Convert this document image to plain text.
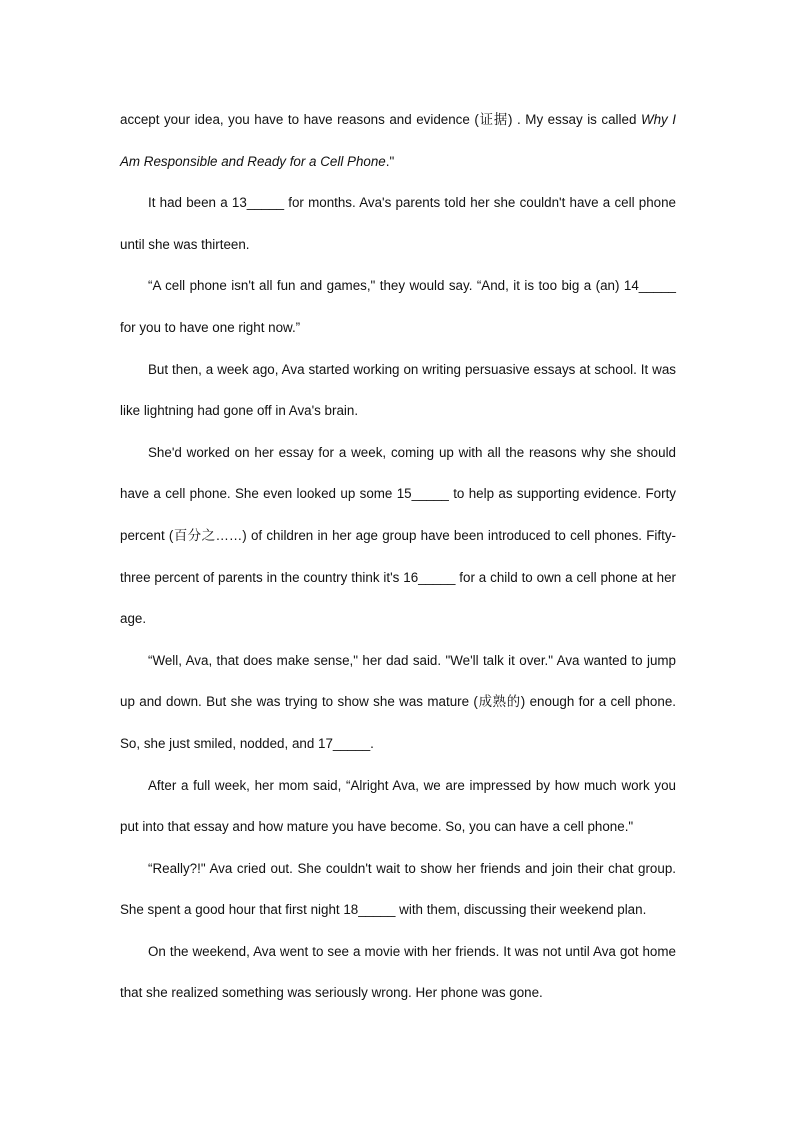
accept your idea, you have to have reasons and evidence (证据) . My essay is called Why I Am Responsible and Ready for a Cell Phone."

It had been a 13_____ for months. Ava's parents told her she couldn't have a cell phone until she was thirteen.

“A cell phone isn't all fun and games," they would say. “And, it is too big a (an) 14_____ for you to have one right now.”

But then, a week ago, Ava started working on writing persuasive essays at school. It was like lightning had gone off in Ava's brain.

She'd worked on her essay for a week, coming up with all the reasons why she should have a cell phone. She even looked up some 15_____ to help as supporting evidence. Forty percent (百分之……) of children in her age group have been introduced to cell phones. Fifty-three percent of parents in the country think it's 16_____ for a child to own a cell phone at her age.

“Well, Ava, that does make sense," her dad said. "We'll talk it over." Ava wanted to jump up and down. But she was trying to show she was mature (成熟的) enough for a cell phone. So, she just smiled, nodded, and 17_____.

After a full week, her mom said, “Alright Ava, we are impressed by how much work you put into that essay and how mature you have become. So, you can have a cell phone."

“Really?!" Ava cried out. She couldn't wait to show her friends and join their chat group. She spent a good hour that first night 18_____ with them, discussing their weekend plan.

On the weekend, Ava went to see a movie with her friends. It was not until Ava got home that she realized something was seriously wrong. Her phone was gone.
